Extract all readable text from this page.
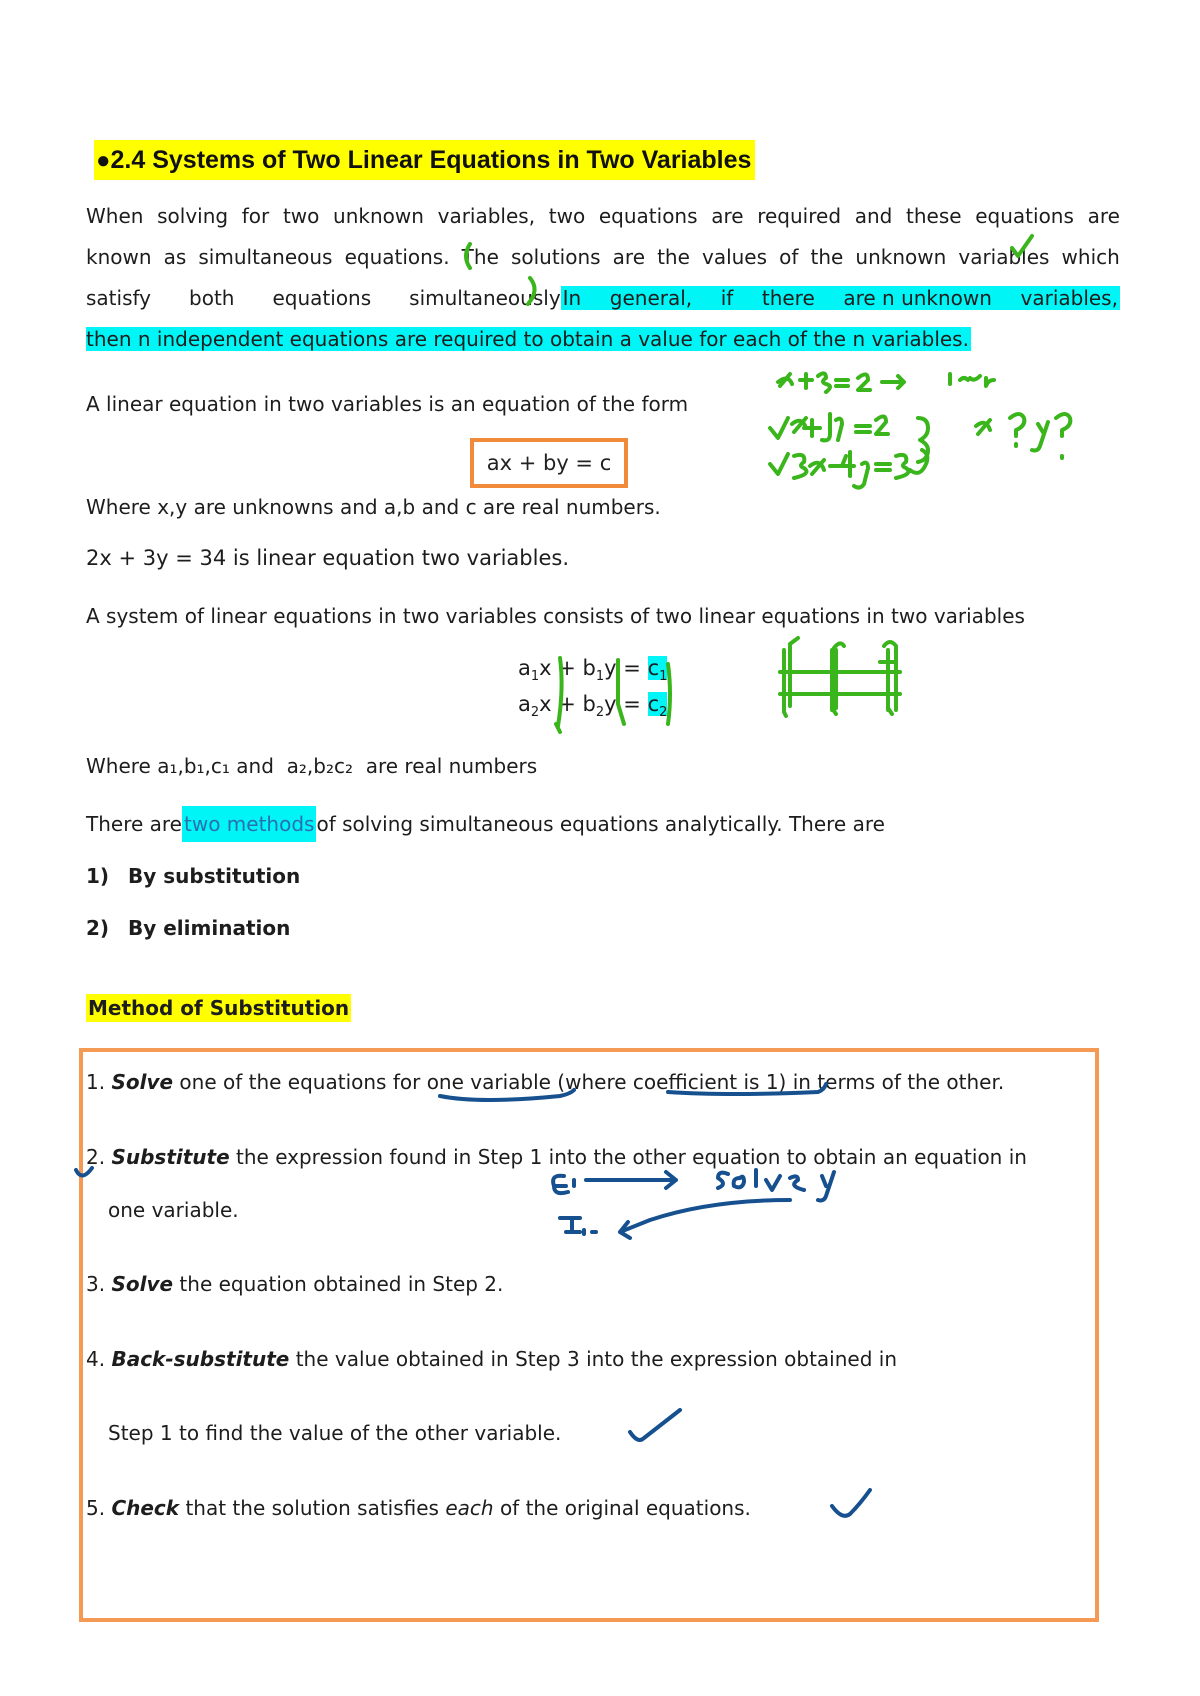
●2.4 Systems of Two Linear Equations in Two Variables
When solving for two unknown variables, two equations are required and these equations are
known as simultaneous equations. The solutions are the values of the unknown variables which
satisfy both equations simultaneously In general, if there are n unknown variables,
then n independent equations are required to obtain a value for each of the n variables.
A linear equation in two variables is an equation of the form
ax + by = c
Where x,y are unknowns and a,b and c are real numbers.
2x + 3y = 34 is linear equation two variables.
A system of linear equations in two variables consists of two linear equations in two variables
$a_1x + b_1y = c_1$
$a_2x + b_2y = c_2$
Where a₁,b₁,c₁ and a₂,b₂c₂ are real numbers
There are two methods of solving simultaneous equations analytically. There are
1) By substitution
2) By elimination
Method of Substitution
1. Solve one of the equations for one variable (where coefficient is 1) in terms of the other.
2. Substitute the expression found in Step 1 into the other equation to obtain an equation in
one variable.
3. Solve the equation obtained in Step 2.
4. Back-substitute the value obtained in Step 3 into the expression obtained in
Step 1 to find the value of the other variable.
5. Check that the solution satisfies each of the original equations.
